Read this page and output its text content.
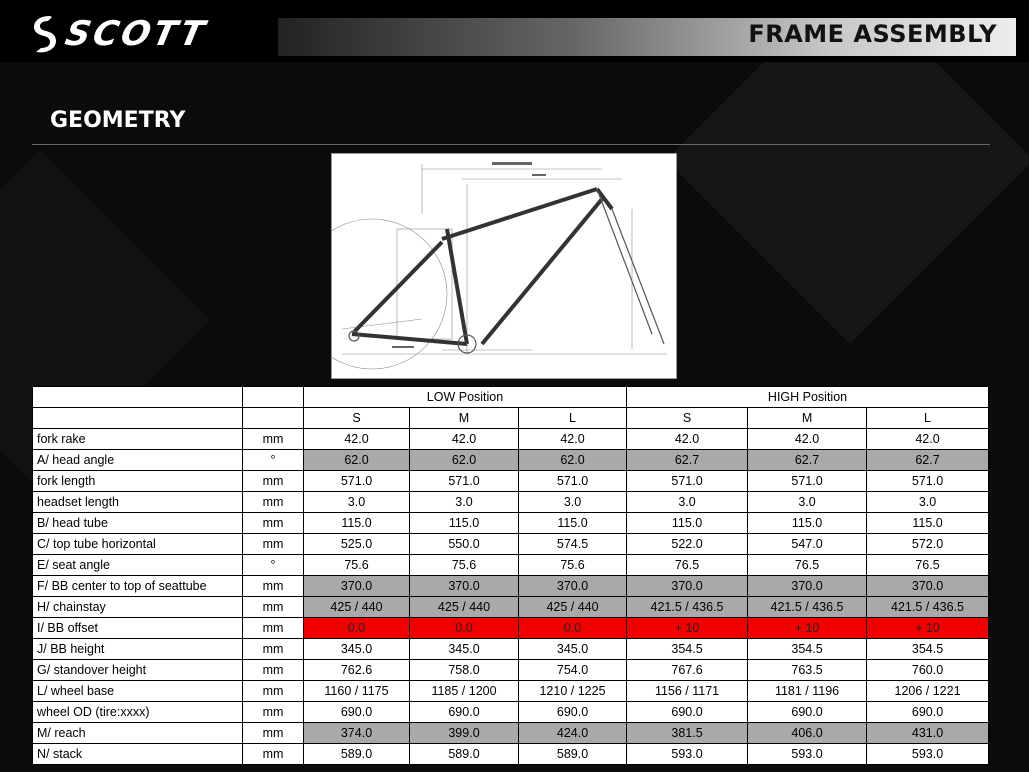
SCOTT	FRAME ASSEMBLY
GEOMETRY
		LOW Position			HIGH Position		
		S	M	L	S	M	L
fork rake	mm	42.0	42.0	42.0	42.0	42.0	42.0
A/ head angle	°	62.0	62.0	62.0	62.7	62.7	62.7
fork length	mm	571.0	571.0	571.0	571.0	571.0	571.0
headset length	mm	3.0	3.0	3.0	3.0	3.0	3.0
B/ head tube	mm	115.0	115.0	115.0	115.0	115.0	115.0
C/ top tube horizontal	mm	525.0	550.0	574.5	522.0	547.0	572.0
E/ seat angle	°	75.6	75.6	75.6	76.5	76.5	76.5
F/ BB center to top of seattube	mm	370.0	370.0	370.0	370.0	370.0	370.0
H/ chainstay	mm	425 / 440	425 / 440	425 / 440	421.5 / 436.5	421.5 / 436.5	421.5 / 436.5
I/ BB offset	mm	0.0	0.0	0.0	+ 10	+ 10	+ 10
J/ BB height	mm	345.0	345.0	345.0	354.5	354.5	354.5
G/ standover height	mm	762.6	758.0	754.0	767.6	763.5	760.0
L/ wheel base	mm	1160 / 1175	1185 / 1200	1210 / 1225	1156 / 1171	1181 / 1196	1206 / 1221
wheel OD (tire:xxxx)	mm	690.0	690.0	690.0	690.0	690.0	690.0
M/ reach	mm	374.0	399.0	424.0	381.5	406.0	431.0
N/ stack	mm	589.0	589.0	589.0	593.0	593.0	593.0
